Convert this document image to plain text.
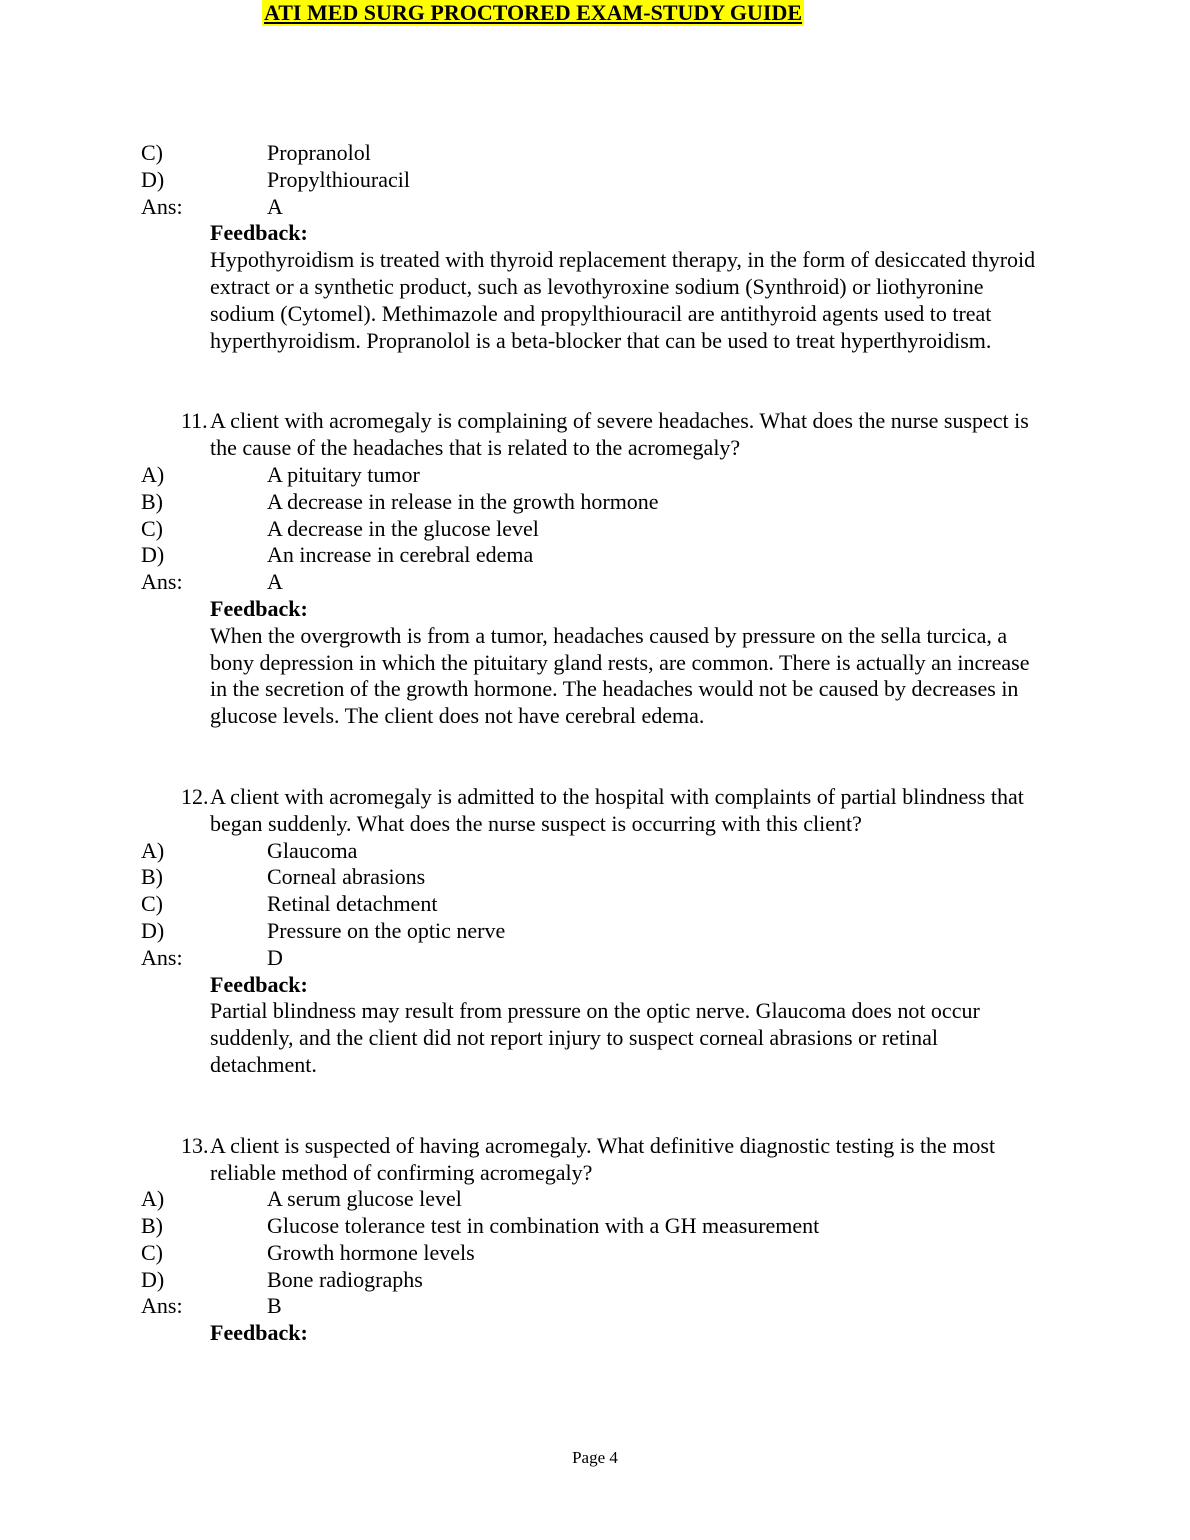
ATI MED SURG PROCTORED EXAM-STUDY GUIDE
C)	Propranolol
D)	Propylthiouracil
Ans:	A
Feedback:
Hypothyroidism is treated with thyroid replacement therapy, in the form of desiccated thyroid extract or a synthetic product, such as levothyroxine sodium (Synthroid) or liothyronine sodium (Cytomel). Methimazole and propylthiouracil are antithyroid agents used to treat hyperthyroidism. Propranolol is a beta-blocker that can be used to treat hyperthyroidism.
11. A client with acromegaly is complaining of severe headaches. What does the nurse suspect is the cause of the headaches that is related to the acromegaly?
A)	A pituitary tumor
B)	A decrease in release in the growth hormone
C)	A decrease in the glucose level
D)	An increase in cerebral edema
Ans:	A
Feedback:
When the overgrowth is from a tumor, headaches caused by pressure on the sella turcica, a bony depression in which the pituitary gland rests, are common. There is actually an increase in the secretion of the growth hormone. The headaches would not be caused by decreases in glucose levels. The client does not have cerebral edema.
12. A client with acromegaly is admitted to the hospital with complaints of partial blindness that began suddenly. What does the nurse suspect is occurring with this client?
A)	Glaucoma
B)	Corneal abrasions
C)	Retinal detachment
D)	Pressure on the optic nerve
Ans:	D
Feedback:
Partial blindness may result from pressure on the optic nerve. Glaucoma does not occur suddenly, and the client did not report injury to suspect corneal abrasions or retinal detachment.
13. A client is suspected of having acromegaly. What definitive diagnostic testing is the most reliable method of confirming acromegaly?
A)	A serum glucose level
B)	Glucose tolerance test in combination with a GH measurement
C)	Growth hormone levels
D)	Bone radiographs
Ans:	B
Feedback:
Page 4
